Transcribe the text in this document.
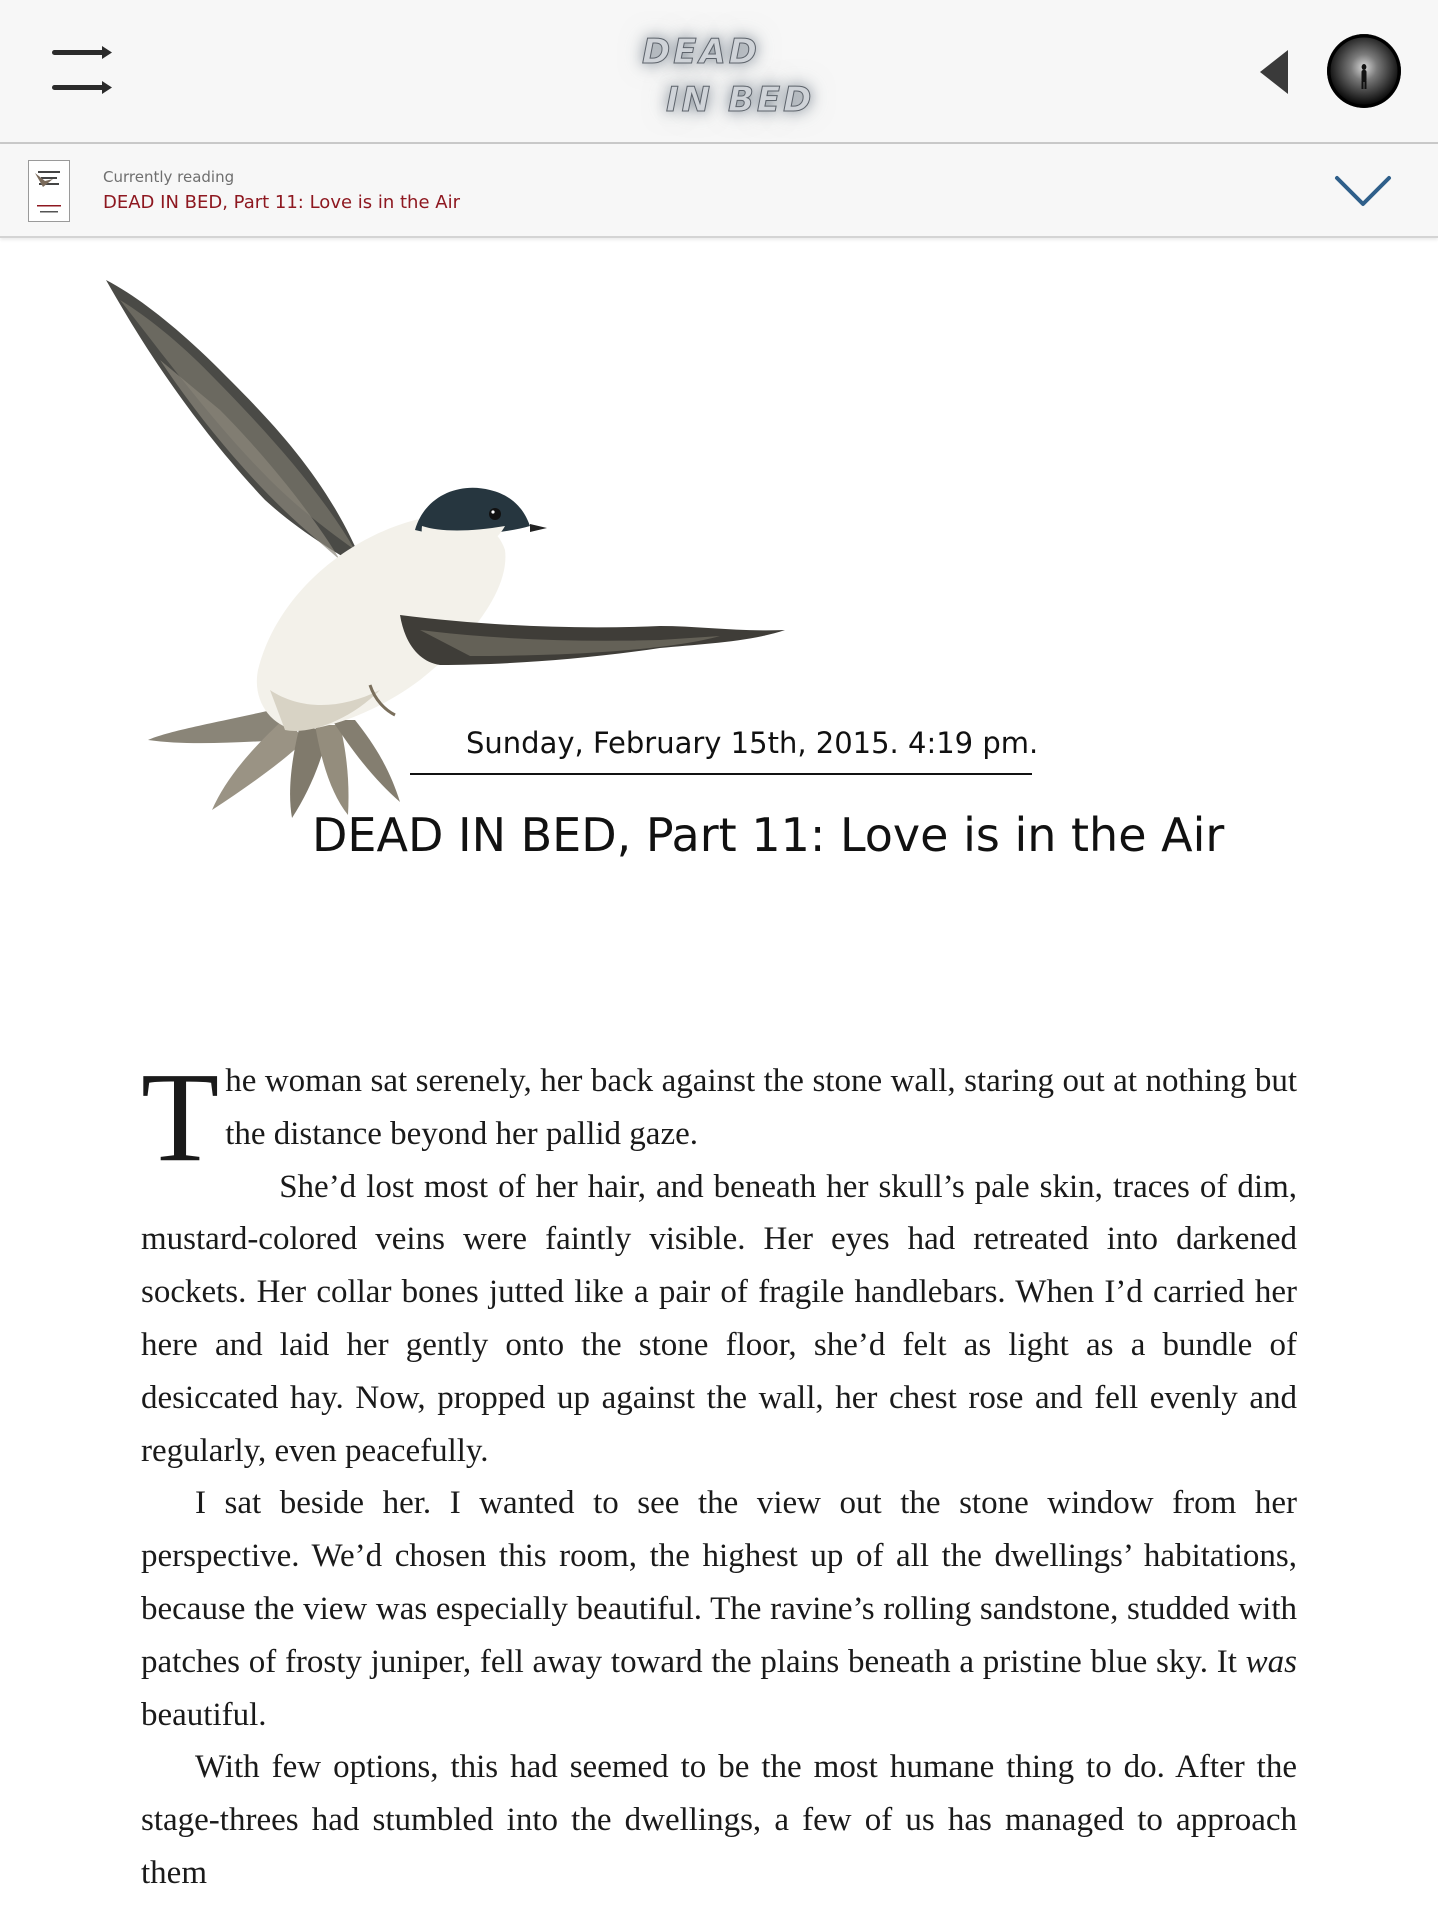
DEAD
IN BED
Currently reading
DEAD IN BED, Part 11: Love is in the Air
Sunday, February 15th, 2015. 4:19 pm.
DEAD IN BED, Part 11: Love is in the Air

The woman sat serenely, her back against the stone wall, staring out at nothing but the distance beyond her pallid gaze.

She’d lost most of her hair, and beneath her skull’s pale skin, traces of dim, mustard-colored veins were faintly visible. Her eyes had retreated into darkened sockets. Her collar bones jutted like a pair of fragile handlebars. When I’d carried her here and laid her gently onto the stone floor, she’d felt as light as a bundle of desiccated hay. Now, propped up against the wall, her chest rose and fell evenly and regularly, even peacefully.

I sat beside her. I wanted to see the view out the stone window from her perspective. We’d chosen this room, the highest up of all the dwellings’ habitations, because the view was especially beautiful. The ravine’s rolling sandstone, studded with patches of frosty juniper, fell away toward the plains beneath a pristine blue sky. It was beautiful.

With few options, this had seemed to be the most humane thing to do. After the stage-threes had stumbled into the dwellings, a few of us has managed to approach them
